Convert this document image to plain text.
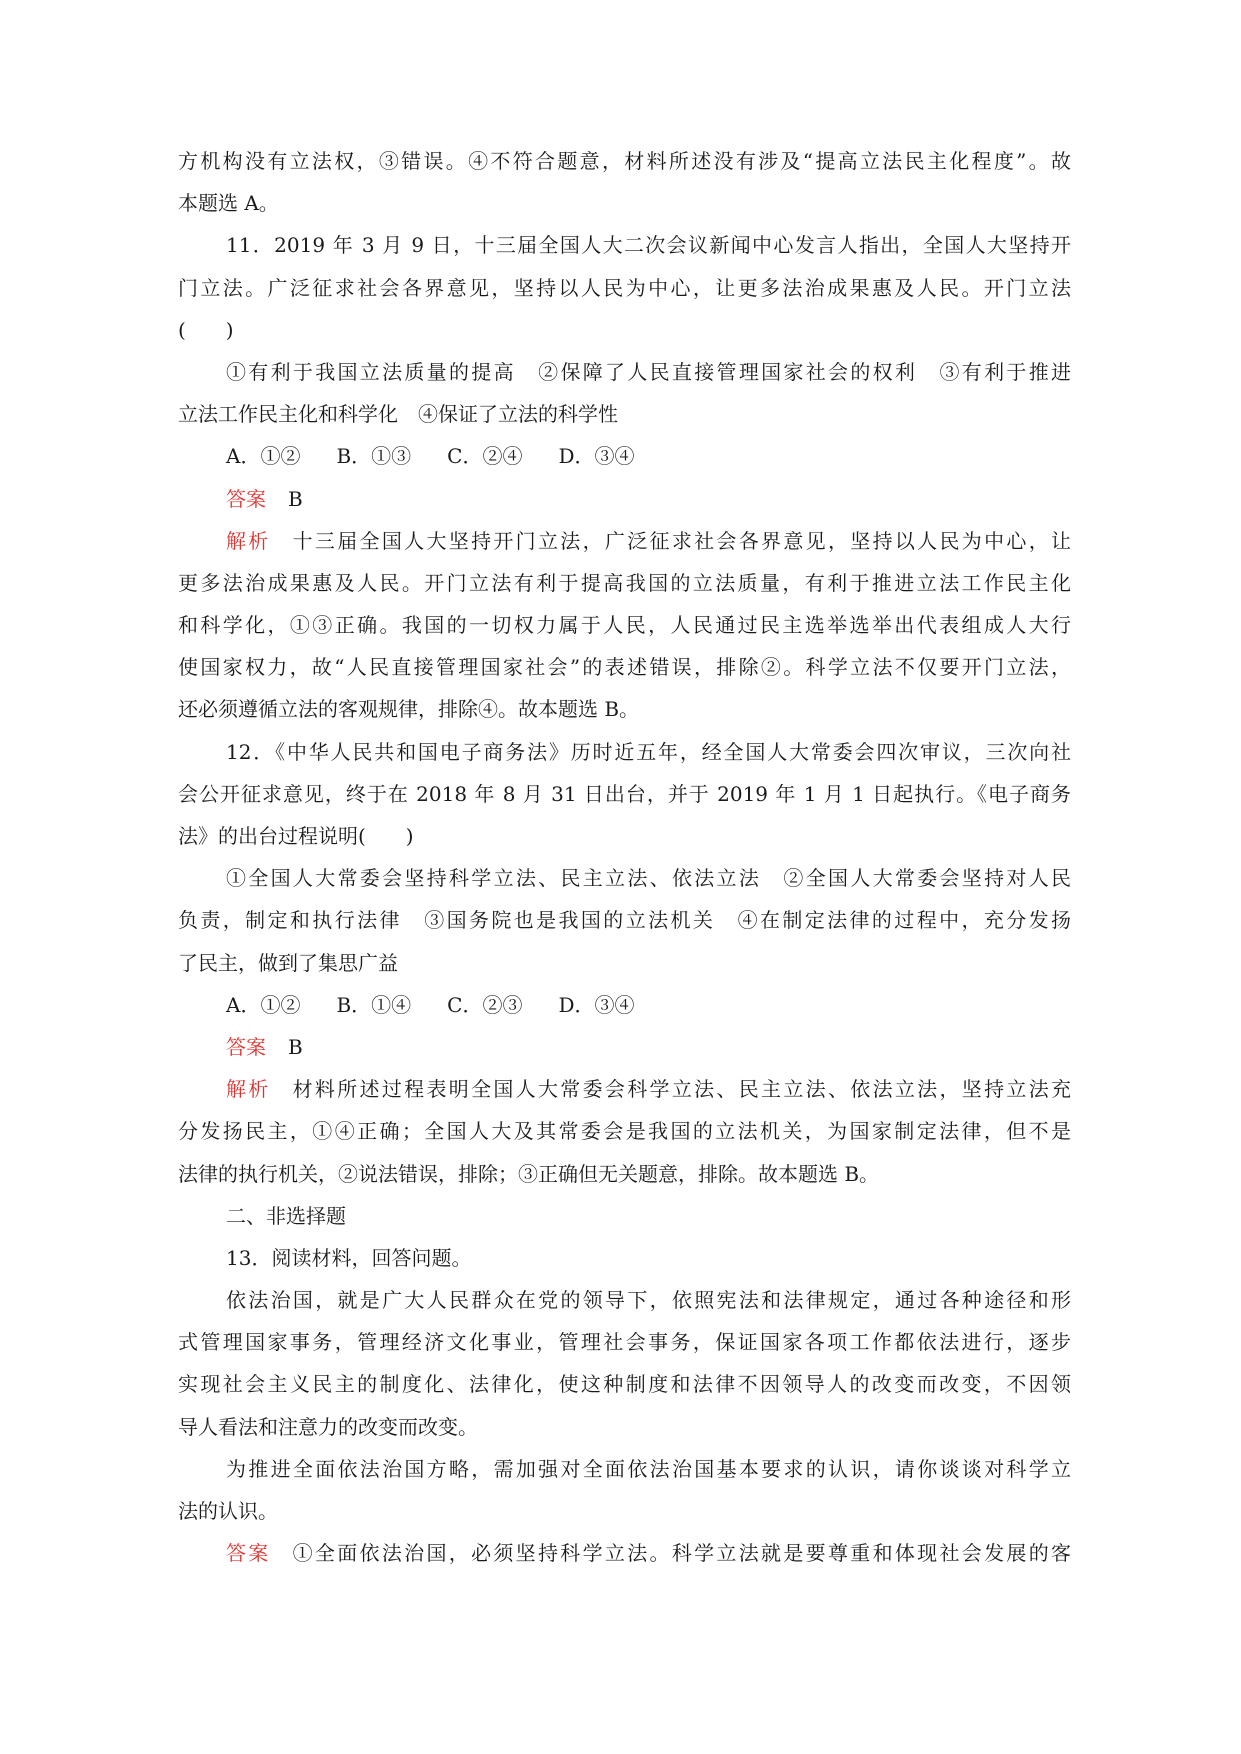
方机构没有立法权，③错误。④不符合题意，材料所述没有涉及“提高立法民主化程度”。故
本题选 A。
11．2019 年 3 月 9 日，十三届全国人大二次会议新闻中心发言人指出，全国人大坚持开
门立法。广泛征求社会各界意见，坚持以人民为中心，让更多法治成果惠及人民。开门立法
(　　)
①有利于我国立法质量的提高　②保障了人民直接管理国家社会的权利　③有利于推进
立法工作民主化和科学化　④保证了立法的科学性
A．①② B．①③ C．②④ D．③④
答案 B
解析 十三届全国人大坚持开门立法，广泛征求社会各界意见，坚持以人民为中心，让
更多法治成果惠及人民。开门立法有利于提高我国的立法质量，有利于推进立法工作民主化
和科学化，①③正确。我国的一切权力属于人民，人民通过民主选举选举出代表组成人大行
使国家权力，故“人民直接管理国家社会”的表述错误，排除②。科学立法不仅要开门立法，
还必须遵循立法的客观规律，排除④。故本题选 B。
12．《中华人民共和国电子商务法》历时近五年，经全国人大常委会四次审议，三次向社
会公开征求意见，终于在 2018 年 8 月 31 日出台，并于 2019 年 1 月 1 日起执行。《电子商务
法》的出台过程说明(　　)
①全国人大常委会坚持科学立法、民主立法、依法立法　②全国人大常委会坚持对人民
负责，制定和执行法律　③国务院也是我国的立法机关　④在制定法律的过程中，充分发扬
了民主，做到了集思广益
A．①② B．①④ C．②③ D．③④
答案 B
解析 材料所述过程表明全国人大常委会科学立法、民主立法、依法立法，坚持立法充
分发扬民主，①④正确；全国人大及其常委会是我国的立法机关，为国家制定法律，但不是
法律的执行机关，②说法错误，排除；③正确但无关题意，排除。故本题选 B。
二、非选择题
13．阅读材料，回答问题。
依法治国，就是广大人民群众在党的领导下，依照宪法和法律规定，通过各种途径和形
式管理国家事务，管理经济文化事业，管理社会事务，保证国家各项工作都依法进行，逐步
实现社会主义民主的制度化、法律化，使这种制度和法律不因领导人的改变而改变，不因领
导人看法和注意力的改变而改变。
为推进全面依法治国方略，需加强对全面依法治国基本要求的认识，请你谈谈对科学立
法的认识。
答案 ①全面依法治国，必须坚持科学立法。科学立法就是要尊重和体现社会发展的客
